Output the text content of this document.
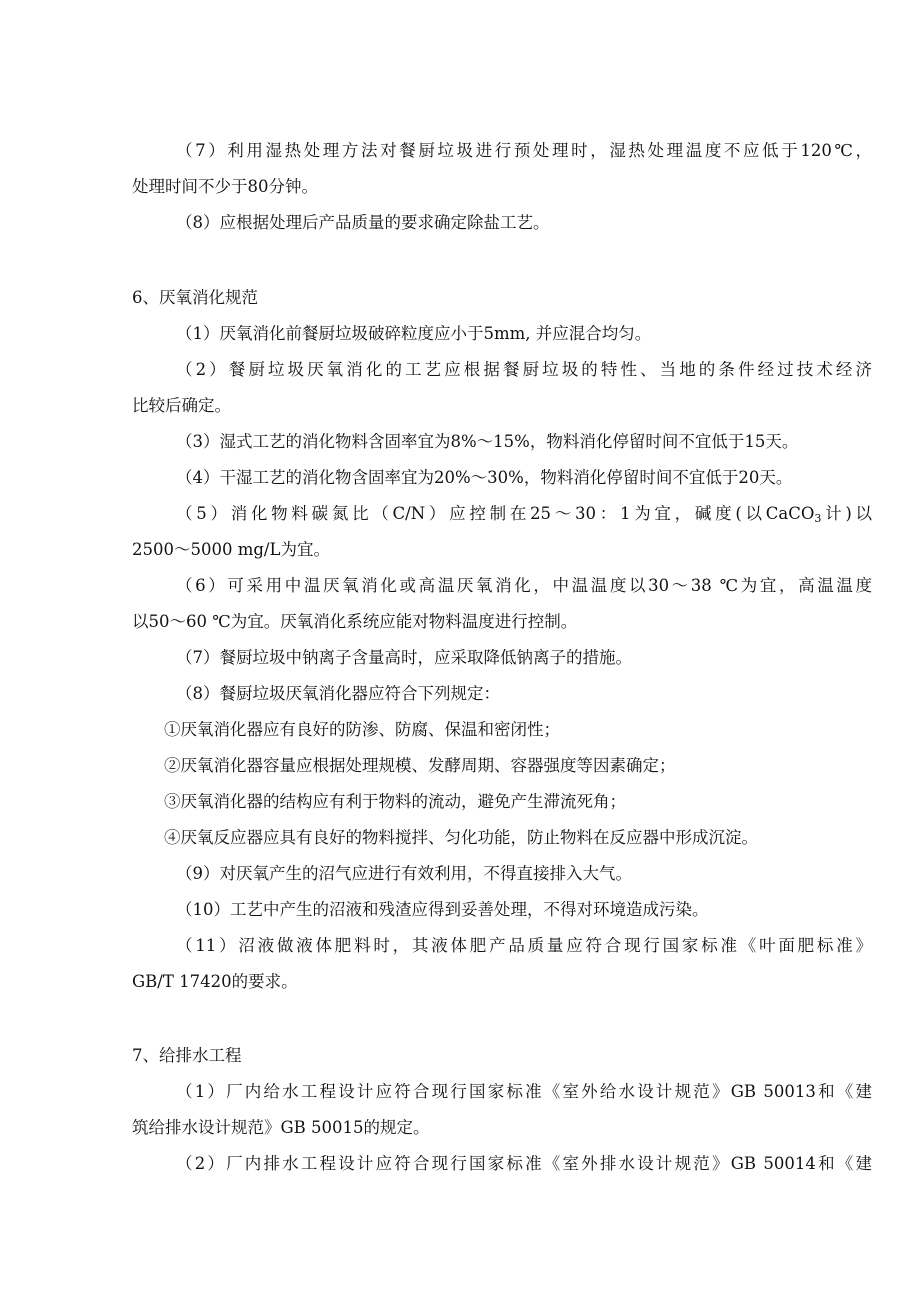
（7）利用湿热处理方法对餐厨垃圾进行预处理时，湿热处理温度不应低于120℃，
处理时间不少于80分钟。
（8）应根据处理后产品质量的要求确定除盐工艺。
6、厌氧消化规范
（1）厌氧消化前餐厨垃圾破碎粒度应小于5mm, 并应混合均匀。
（2）餐厨垃圾厌氧消化的工艺应根据餐厨垃圾的特性、当地的条件经过技术经济
比较后确定。
（3）湿式工艺的消化物料含固率宜为8%～15%，物料消化停留时间不宜低于15天。
（4）干湿工艺的消化物含固率宜为20%～30%，物料消化停留时间不宜低于20天。
（5）消化物料碳氮比（C/N）应控制在25～30：1为宜，碱度(以CaCO$_3$计)以
2500～5000 mg/L为宜。
（6）可采用中温厌氧消化或高温厌氧消化，中温温度以30～38 ℃为宜，高温温度
以50～60 ℃为宜。厌氧消化系统应能对物料温度进行控制。
（7）餐厨垃圾中钠离子含量高时，应采取降低钠离子的措施。
（8）餐厨垃圾厌氧消化器应符合下列规定：
①厌氧消化器应有良好的防渗、防腐、保温和密闭性；
②厌氧消化器容量应根据处理规模、发酵周期、容器强度等因素确定；
③厌氧消化器的结构应有利于物料的流动，避免产生滞流死角；
④厌氧反应器应具有良好的物料搅拌、匀化功能，防止物料在反应器中形成沉淀。
（9）对厌氧产生的沼气应进行有效利用，不得直接排入大气。
（10）工艺中产生的沼液和残渣应得到妥善处理，不得对环境造成污染。
（11）沼液做液体肥料时，其液体肥产品质量应符合现行国家标准《叶面肥标准》
GB/T 17420的要求。
7、给排水工程
（1）厂内给水工程设计应符合现行国家标准《室外给水设计规范》GB 50013和《建
筑给排水设计规范》GB 50015的规定。
（2）厂内排水工程设计应符合现行国家标准《室外排水设计规范》GB 50014和《建
